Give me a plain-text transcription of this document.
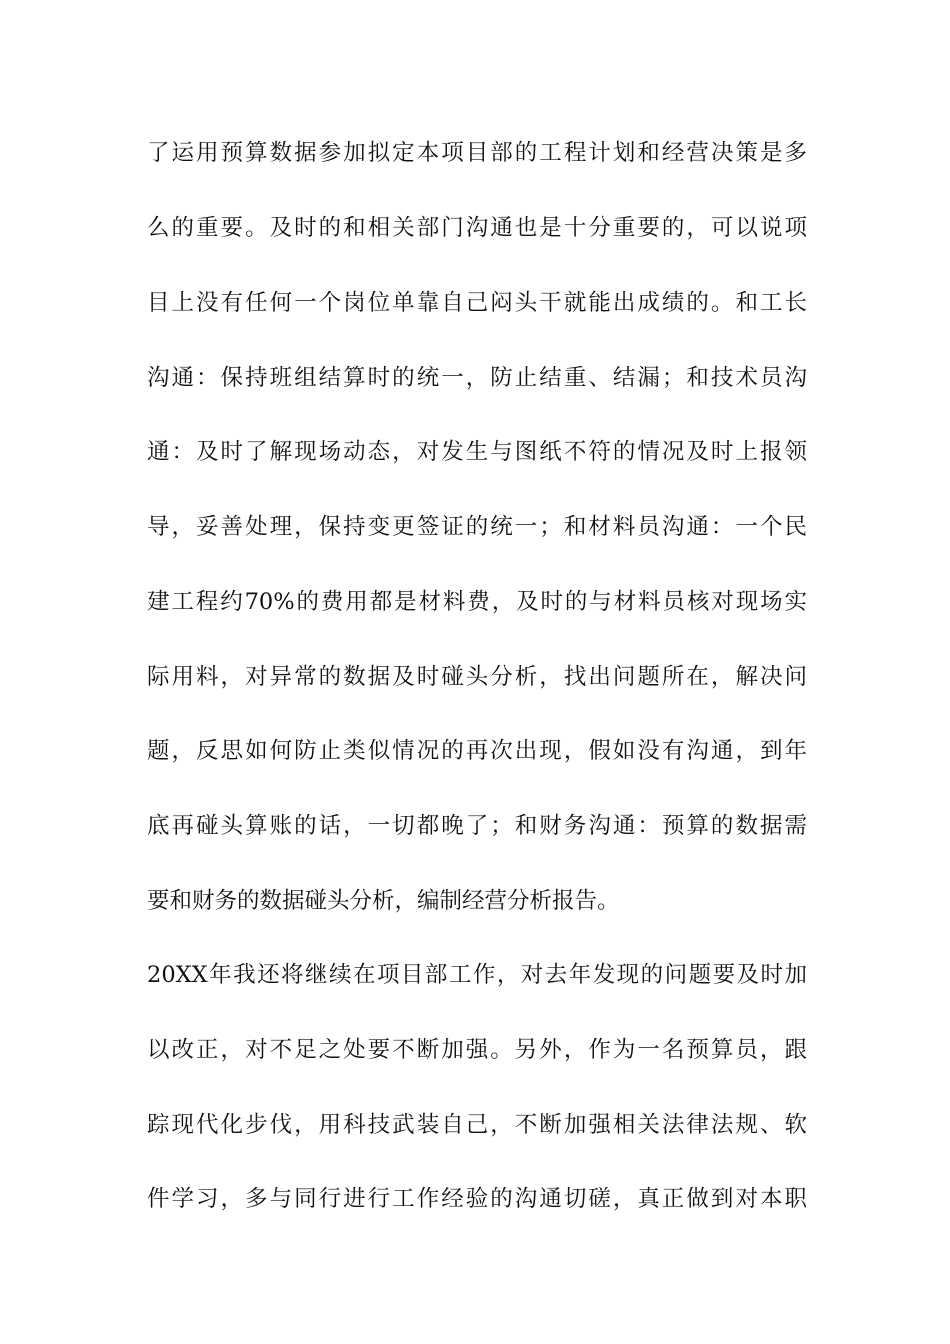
了运用预算数据参加拟定本项目部的工程计划和经营决策是多
么的重要。及时的和相关部门沟通也是十分重要的，可以说项
目上没有任何一个岗位单靠自己闷头干就能出成绩的。和工长
沟通：保持班组结算时的统一，防止结重、结漏；和技术员沟
通：及时了解现场动态，对发生与图纸不符的情况及时上报领
导，妥善处理，保持变更签证的统一；和材料员沟通：一个民
建工程约70%的费用都是材料费，及时的与材料员核对现场实
际用料，对异常的数据及时碰头分析，找出问题所在，解决问
题，反思如何防止类似情况的再次出现，假如没有沟通，到年
底再碰头算账的话，一切都晚了；和财务沟通：预算的数据需
要和财务的数据碰头分析，编制经营分析报告。
20XX年我还将继续在项目部工作，对去年发现的问题要及时加
以改正，对不足之处要不断加强。另外，作为一名预算员，跟
踪现代化步伐，用科技武装自己，不断加强相关法律法规、软
件学习，多与同行进行工作经验的沟通切磋，真正做到对本职
